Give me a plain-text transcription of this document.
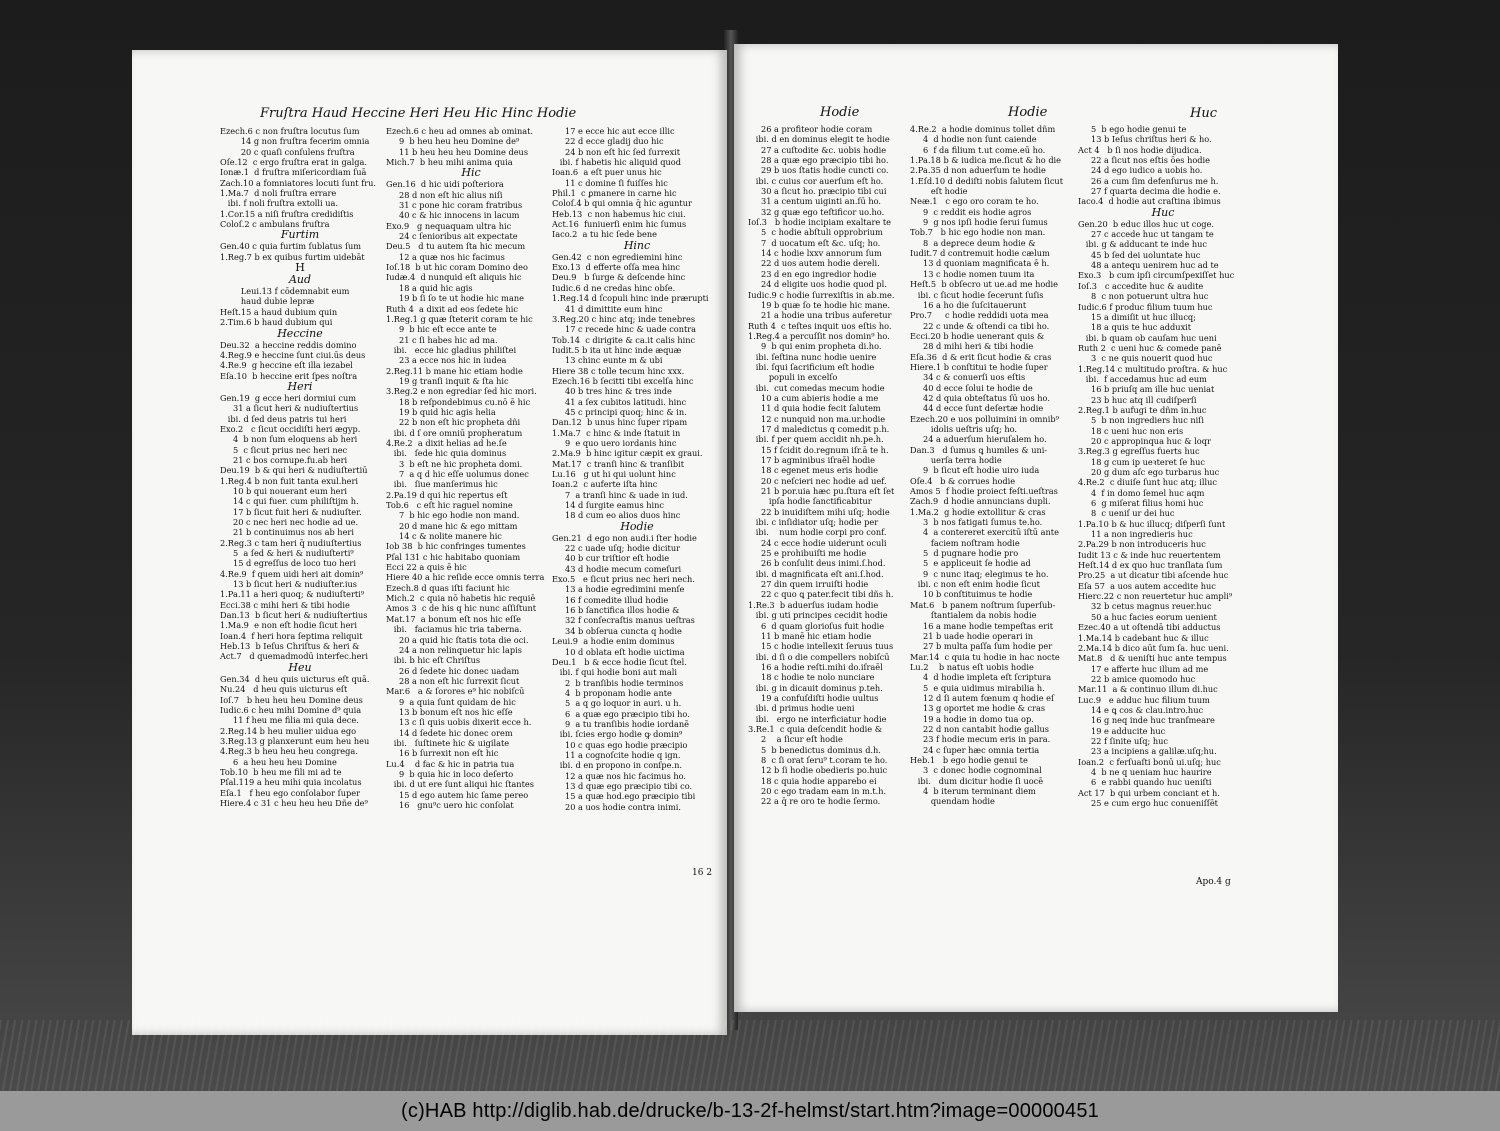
Fruſtra Haud Heccine Heri Heu Hic Hinc Hodie
Ezech.6 c non fruſtra locutus ſum
14 g non fruſtra fecerim omnia
20 c quaſi conſulens fruſtra
Oſe.12  c ergo fruſtra erat in galga.
Ionæ.1  d fruſtra miſericordiam ſuā
Zach.10 a fomniatores locuti ſunt fru.
1.Ma.7  d noli fruſtra errare
ibi. f noli fruſtra extolli ua.
1.Cor.15 a niſi fruſtra credidiſtis
Coloſ.2 c ambulans fruſtra
Furtim
Gen.40 c quia furtim ſublatus ſum
1.Reg.7 b ex quibus furtim uidebāt
H
Aud
Leui.13 f cōdemnabit eum
haud dubie lepræ
Heſt.15 a haud dubium quin
2.Tim.6 b haud dubium qui
Heccine
Deu.32  a heccine reddis domino
4.Reg.9 e heccine ſunt ciui.ūs deus
4.Re.9  g heccine eſt illa iezabel
Eſa.10  b heccine erit ſpes noſtra
Heri
Gen.19  g ecce heri dormiui cum
31 a ſicut heri & nudiuſtertius
ibi. d ſed deus patris tui heri
Exo.2   c ſicut occidiſti heri ægyp.
4  b non ſum eloquens ab heri
5  c ſicut prius nec heri nec
21 c bos cornupe.fu.ab heri
Deu.19  b & qui heri & nudiuſtertiū
1.Reg.4 b non fuit tanta exul.heri
10 b qui nouerant eum heri
14 c qui fuer. cum philiſtijm h.
17 b ſicut fuit heri & nudiuſter.
20 c nec heri nec hodie ad ue.
21 b continuimus nos ab heri
2.Reg.3 c tam heri q̄ nudiuſtertius
5  a ſed & heri & nudiuſterti⁹
15 d egreſſus de loco tuo heri
4.Re.9  f quem uidi heri ait domin⁹
13 b ſicut heri & nudiuſter.ius
1.Pa.11 a heri quoq; & nudiuſterti⁹
Ecci.38 c mihi heri & tibi hodie
Dan.13  b ſicut heri & nudiuſtertius
1.Ma.9  e non eſt hodie ſicut heri
Ioan.4  f heri hora ſeptima reliquit
Heb.13  b Ieſus Chriſtus & heri &
Act.7   d quemadmodū interfec.heri
Heu
Gen.34  d heu quis uicturus eſt quā.
Nu.24   d heu quis uicturus eſt
Ioſ.7   b heu heu heu Domine deus
Iudic.6 c heu mihi Domine d⁹ quia
11 f heu me filia mi quia dece.
2.Reg.14 b heu mulier uidua ego
3.Reg.13 g planxerunt eum heu heu
4.Reg.3 b heu heu heu congrega.
6  a heu heu heu Domine
Tob.10  b heu me fili mi ad te
Pſal.119 a heu mihi quia incolatus
Eſa.1   f heu ego conſolabor ſuper
Hiere.4 c 31 c heu heu heu Dñe de⁹
Ezech.6 c heu ad omnes ab ominat.
9  b heu heu heu Domine de⁹
11 b heu heu heu Domine deus
Mich.7  b heu mihi anima quia
Hic
Gen.16  d hic uidi poſteriora
28 d non eſt hic alius niſi
31 c pone hic coram fratribus
40 c & hic innocens in lacum
Exo.9   g nequaquam ultra hic
24 c ſenioribus ait expectate
Deu.5   d tu autem ſta hic mecum
12 a quæ nos hic facimus
Ioſ.18  b ut hic coram Domino deo
Iudæ.4  d nunquid eſt aliquis hic
18 a quid hic agis
19 b ſi ſo te ut hodie hic mane
Ruth 4  a dixit ad eos ſedete hic
1.Reg.1 g quæ ſteterit coram te hic
9  b hic eſt ecce ante te
21 c ſi habes hic ad ma.
ibi.   ecce hic gladius philiſtei
23 a ecce nos hic in iudea
2.Reg.11 b mane hic etiam hodie
19 g tranſi inquit & ſta hic
3.Reg.2 e non egrediar ſed hic mori.
18 b reſpondebimus cu.nō ē hic
19 b quid hic agis helia
22 b non eſt hic propheta dñi
ibi. d ſ ore omniū propheratum
4.Re.2  a dixit helias ad he.ſe
ibi.   ſede hic quia dominus
3  b eſt ne hic propheta domi.
7  a q d hic eſſe uolumus donec
ibi.   ſiue manſerimus hic
2.Pa.19 d qui hic repertus eſt
Tob.6   c eſt hic raguel nomine
7  b hic ego hodie non mand.
20 d mane hic & ego mittam
14 c & nolite manere hic
Iob 38  b hic confringes tumentes
Pſal 131 c hic habitabo quoniam
Ecci 22 a quis ē hic
Hiere 40 a hic reſide ecce omnis terra
Ezech.8 d quas iſti faciunt hic
Mich.2  c quia nō habetis hic requiē
Amos 3  c de his q hic nunc aſſiſtunt
Mat.17  a bonum eſt nos hic eſſe
ibi.   faciamus hic tria taberna.
20 a quid hic ſtatis tota die oci.
24 a non relinquetur hic lapis
ibi. b hic eſt Chriſtus
26 d ſedete hic donec uadam
28 a non eſt hic ſurrexit ſicut
Mar.6   a & ſorores e⁹ hic nobiſcū
9  a quia ſunt quidam de hic
13 b bonum eſt nos hic eſſe
13 c ſi quis uobis dixerit ecce h.
14 d ſedete hic donec orem
ibi.   ſuſtinete hic & uigilate
16 b ſurrexit non eſt hic
Lu.4    d fac & hic in patria tua
9  b quia hic in loco deſerto
ibi. d ut ere ſunt aliqui hic ſtantes
15 d ego autem hic ſame pereo
16   gnu⁹c uero hic conſolat
17 e ecce hic aut ecce illic
22 d ecce gladij duo hic
24 b non eſt hic ſed ſurrexit
ibi. f habetis hic aliquid quod
Ioan.6  a eſt puer unus hic
11 c domine ſi fuiſſes hic
Phil.1  c ꝑmanere in carne hic
Coloſ.4 b qui omnia q̄ hic aguntur
Heb.13  c non habemus hic ciui.
Act.16  funiuerſi enim hic ſumus
Iaco.2  a tu hic ſede bene
Hinc
Gen.42  c non egrediemini hinc
Exo.13  d efferte oſſa mea hinc
Deu.9   b ſurge & deſcende hinc
Iudic.6 d ne credas hinc obſe.
1.Reg.14 d ſcopuli hinc inde prærupti
41 d dimittite eum hinc
3.Reg.20 c hinc atq; inde tenebres
17 c recede hinc & uade contra
Tob.14  c dirigite & ca.it calis hinc
Iudit.5 b ita ut hinc inde æquæ
13 chinc eunte m & ubi
Hiere 38 c tolle tecum hinc xxx.
Ezech.16 b ſecitti tibi excelſa hinc
40 b tres hinc & tres inde
41 a ſex cubitos latitudi. hinc
45 c principi quoq; hinc & in.
Dan.12  b unus hinc ſuper ripam
1.Ma.7  c hinc & inde ſtatuit in
9  e quo uero iordanis hinc
2.Ma.9  b hinc igitur cæpit ex graui.
Mat.17  c tranſi hinc & tranſibit
Lu.16   g ut hi qui uolunt hinc
Ioan.2  c auferte iſta hinc
7  a tranſi hinc & uade in iud.
14 d ſurgite eamus hinc
18 d cum eo alios duos hinc
Hodie
Gen.21  d ego non audi.i ſter hodie
22 c uade uſq; hodie dicitur
40 b cur triſtior eſt hodie
43 d hodie mecum comeſuri
Exo.5   e ſicut prius nec heri nech.
13 a hodie egredimini menſe
16 f comedite illud hodie
16 b ſanctifica illos hodie &
32 f conſecraſtis manus ueſtras
34 b obſerua cuncta q hodie
Leui.9  a hodie enim dominus
10 d oblata eſt hodie uictima
Deu.1   b & ecce hodie ſicut ſtel.
ibi. f qui hodie boni aut mali
2  b tranſibis hodie terminos
4  b proponam hodie ante
5  a q go loquor in auri. u h.
6  a quæ ego præcipio tibi ho.
9  a tu tranſibis hodie iordanē
ibi. ſcies ergo hodie ꝙ domin⁹
10 c quas ego hodie præcipio
11 a cognoſcite hodie q ign.
ibi. d en propono in conſpe.n.
12 a quæ nos hic facimus ho.
13 d quæ ego præcipio tibi co.
15 a quæ hod.ego præcipio tibi
20 a uos hodie contra inimi.
16 2
Hodie	Hodie	Huc
26 a profiteor hodie coram
ibi. d en dominus elegit te hodie
27 a cuſtodite &c. uobis hodie
28 a quæ ego præcipio tibi ho.
29 b uos ſtatis hodie cuncti co.
ibi. c cuius cor auerſum eſt ho.
30 a ſicut ho. præcipio tibi cui
31 a centum uiginti an.ſū ho.
32 g quæ ego teſtificor uo.ho.
Ioſ.3   b hodie incipiam exaltare te
5  c hodie abſtuli opprobrium
7  d uocatum eſt &c. uſq; ho.
14 c hodie lxxv annorum ſum
22 d uos autem hodie dereli.
23 d en ego ingredior hodie
24 d eligite uos hodie quod pl.
Iudic.9 c hodie ſurrexiſtis in ab.me.
19 b quæ ſo te hodie hic mane.
21 a hodie una tribus auferetur
Ruth 4  c teſtes inquit uos eſtis ho.
1.Reg.4 a percuſſit nos domin⁹ ho.
9  b qui enim propheta di.ho.
ibi. ſeſtina nunc hodie uenire
ibi. ſqui ſacrificium eſt hodie
populi in excelſo
ibi.  cut comedas mecum hodie
10 a cum abieris hodie a me
11 d quia hodie fecit ſalutem
12 c nunquid non ma.ur.hodie
17 d maledictus q comedit p.h.
ibi. f per quem accidit nh.pe.h.
15 f ſcidit do.regnum iſr.ā te h.
17 b agminibus iſraēl hodie
18 c egenet meus eris hodie
20 c neſcieri nec hodie ad uef.
21 b por.uia hæc pu.ſtura eſt ſet
ipſa hodie ſanctificabitur
22 b inuidiſtem mihi uſq; hodie
ibi. c inſidiator uſq; hodie per
ibi.    num hodie corpi pro conf.
24 c ecce hodie uiderunt oculi
25 e prohibuiſti me hodie
26 b conſulit deus inimi.ſ.hod.
ibi. d magnificata eſt ani.ſ.hod.
27 din quem irruiſti hodie
22 c quo ꝗ pater.fecit tibi dñs h.
1.Re.3  b aduerſus iudam hodie
ibi. g uti principes cecidit hodie
6  d quam glorioſus fuit hodie
11 b manē hic etiam hodie
15 c hodie intellexit ſeruus tuus
ibi. d ſi o die compellers nobiſcū
16 a hodie reſti.mihi do.iſraēl
18 c hodie te nolo nunciare
ibi. g in dicauit dominus p.teh.
19 a confuſdiſti hodie uultus
ibi. d primus hodie ueni
ibi.   ergo ne interficiatur hodie
3.Re.1  c quia deſcendit hodie &
2    a ſicur eſt hodie
5  b benedictus dominus d.h.
8  c ſi orat ſeru⁹ t.coram te ho.
12 b ſi hodie obedieris po.huic
18 c quia hodie apparebo ei
20 c ego tradam eam in m.t.h.
22 a q̄ re oro te hodie ſermo.
4.Re.2  a hodie dominus tollet dñm
4  d hodie non ſunt caiende
6  f da filium t.ut come.eū ho.
1.Pa.18 b & iudica me.ſicut & ho die
2.Pa.35 d non aduerſum te hodie
1.Eſd.10 d dediſti nobis ſalutem ſicut
eſt hodie
Neæ.1   c ego oro coram te ho.
9  c reddit eis hodie agros
9  g nos ipſi hodie ſerui ſumus
Tob.7   b hic ego hodie non man.
8  a deꝑrece deum hodie &
Iudit.7 d contremuit hodie cælum
13 d quoniam magnificata ē h.
13 c hodie nomen tuum ita
Heſt.5  b obſecro ut ue.ad me hodie
ibi. c ſicut hodie ſecerunt ſuſis
16 a ho die ſuſcitauerunt
Pro.7     c hodie reddidi uota mea
22 c unde & oſtendi ca tibi ho.
Ecci.20 b hodie uenerant quis &
28 d mihi heri & tibi hodie
Eſa.36  d & erit ſicut hodie & cras
Hiere.1 b conſtitui te hodie ſuper
34 c & conuerſi uos eſtis
40 d ecce ſolui te hodie de
42 d quia obteſtatus ſū uos ho.
44 d ecce ſunt deſertæ hodie
Ezech.20 e uos polluimini in omnib⁹
idolis ueſtris uſq; ho.
24 a aduerſum hieruſalem ho.
Dan.3   d ſumus ꝗ humiles & uni-
uerſa terra hodie
9  b ſicut eſt hodie uiro iuda
Oſe.4   b & corrues hodie
Amos 5  f hodie proiect feſti.ueſtras
Zach.9  d hodie annuncians dupli.
1.Ma.2  g hodie extollitur & cras
3  b nos fatigati ſumus te.ho.
4  a contereret exercitū iſtū ante
faciem noſtram hodie
5  d pugnare hodie pro
5  e appliceuit ſe hodie ad
9  c nunc itaq; elegimus te ho.
ibi. c non eſt enim hodie ſicut
10 b conſtituimus te hodie
Mat.6   b panem noſtrum ſuperſub-
ſtantialem da nobis hodie
16 a mane hodie tempeſtas erit
21 b uade hodie operari in
27 b multa paſſa ſum hodie per
Mar.14  c quia tu hodie in hac nocte
Lu.2    b natus eſt uobis hodie
4  d hodie impleta eſt ſcriptura
5  e quia uidimus mirabilia h.
12 d ſi autem fœnum q hodie eſ
13 g oportet me hodie & cras
19 a hodie in domo tua op.
22 d non cantabit hodie gallus
23 f hodie mecum eris in para.
24 c ſuper hæc omnia tertia
Heb.1   b ego hodie genui te
3  c donec hodie cognominal
ibi.   dum dicitur hodie ſi uocē
4  b iterum terminant diem
quendam hodie
5  b ego hodie genui te
13 b Ieſus chriſtus heri & ho.
Act 4   b ſi nos hodie dijudica.
22 a ſicut nos eſtis ōes hodie
24 d ego iudico a uobis ho.
26 a cum ſim defenſurus me h.
27 f quarta decima die hodie e.
Iaco.4  d hodie aut craſtina ibimus
Huc
Gen.20  b educ illos huc ut coge.
27 c accede huc ut tangam te
ibi. g & adducant te inde huc
45 b ſed dei uoluntate huc
48 a antequ uenirem huc ad te
Exo.3   b cum ipſi circumſpexiſſet huc
Ioſ.3   c accedite huc & audite
8  c non potuerunt ultra huc
Iudic.6 f produc filium tuum huc
15 a dimiſit ut huc illucq;
18 a quis te huc adduxit
ibi. b quam ob cauſam huc ueni
Ruth 2  c ueni huc & comede panē
3  c ne quis nouerit quod huc
1.Reg.14 c multitudo proſtra. & huc
ibi.  f accedamus huc ad eum
16 b priuſq am ille huc ueniat
23 b huc atq ill cudiſperſi
2.Reg.1 b aufugi te dñm in.huc
5  b non ingrediers huc niſi
18 c ueni huc non eris
20 c appropinqua huc & loqr
3.Reg.3 g egreſſus fuerts huc
18 g cum ip ueꝛteret ſe huc
20 g dum aſc ego turbarus huc
4.Re.2  c diuiſe ſunt huc atq; illuc
4  f in domo ſemel huc aqm
6  g miſerat filius homi huc
8  c ueniſ ur dei huc
1.Pa.10 b & huc illucq; diſperſi ſunt
11 a non ingredieris huc
2.Pa.29 b non introduceris huc
Iudit 13 c & inde huc reuertentem
Heſt.14 d ex quo huc tranſlata ſum
Pro.25  a ut dicatur tibi aſcende huc
Eſa 57  a uos autem accedite huc
Hierc.22 c non reuertetur huc ampli⁹
32 b cetus magnus reuer.huc
50 a huc facies eorum uenient
Ezec.40 a ut oſtendā tibi adductus
1.Ma.14 b cadebant huc & illuc
2.Ma.14 b dico aūt ſum ſa. huc ueni.
Mat.8   d & ueniſti huc ante tempus
17 e afferte huc illum ad me
22 b amice quomodo huc
Mar.11  a & continuo illum di.huc
Luc.9   e adduc huc filium tuum
14 e ꝗ cos & clau.intro.huc
16 g neq inde huc tranſmeare
19 e adducite huc
22 f ſinite uſq; huc
23 a incipiens a galilæ.uſq;hu.
Ioan.2  c ferſuaſti bonū ui.uſq; huc
4  b ne q ueniam huc haurire
6  e rabbi quando huc ueniſti
Act 17  b qui urbem conciant et h.
25 e cum ergo huc conueniſſēt
Apo.4 g
(c)HAB http://diglib.hab.de/drucke/b-13-2f-helmst/start.htm?image=00000451
